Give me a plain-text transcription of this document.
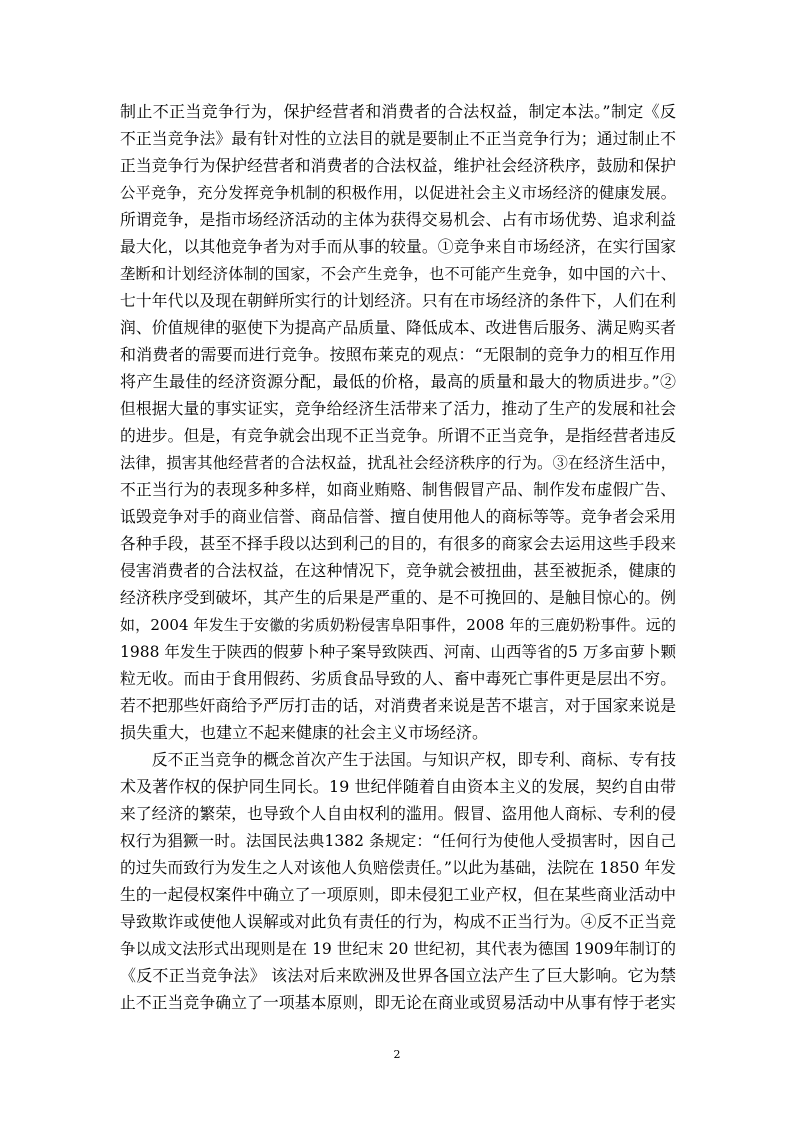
制止不正当竞争行为，保护经营者和消费者的合法权益，制定本法。”制定《反
不正当竞争法》最有针对性的立法目的就是要制止不正当竞争行为；通过制止不
正当竞争行为保护经营者和消费者的合法权益，维护社会经济秩序，鼓励和保护
公平竞争，充分发挥竞争机制的积极作用，以促进社会主义市场经济的健康发展。
所谓竞争，是指市场经济活动的主体为获得交易机会、占有市场优势、追求利益
最大化，以其他竞争者为对手而从事的较量。①竞争来自市场经济，在实行国家
垄断和计划经济体制的国家，不会产生竞争，也不可能产生竞争，如中国的六十、
七十年代以及现在朝鲜所实行的计划经济。只有在市场经济的条件下，人们在利
润、价值规律的驱使下为提高产品质量、降低成本、改进售后服务、满足购买者
和消费者的需要而进行竞争。按照布莱克的观点：“无限制的竞争力的相互作用
将产生最佳的经济资源分配，最低的价格，最高的质量和最大的物质进步。”②
但根据大量的事实证实，竞争给经济生活带来了活力，推动了生产的发展和社会
的进步。但是，有竞争就会出现不正当竞争。所谓不正当竞争，是指经营者违反
法律，损害其他经营者的合法权益，扰乱社会经济秩序的行为。③在经济生活中，
不正当行为的表现多种多样，如商业贿赂、制售假冒产品、制作发布虚假广告、
诋毁竞争对手的商业信誉、商品信誉、擅自使用他人的商标等等。竞争者会采用
各种手段，甚至不择手段以达到利己的目的，有很多的商家会去运用这些手段来
侵害消费者的合法权益，在这种情况下，竞争就会被扭曲，甚至被扼杀，健康的
经济秩序受到破坏，其产生的后果是严重的、是不可挽回的、是触目惊心的。例
如，2004 年发生于安徽的劣质奶粉侵害阜阳事件，2008 年的三鹿奶粉事件。远的
1988 年发生于陕西的假萝卜种子案导致陕西、河南、山西等省的5 万多亩萝卜颗
粒无收。而由于食用假药、劣质食品导致的人、畜中毒死亡事件更是层出不穷。
若不把那些奸商给予严厉打击的话，对消费者来说是苦不堪言，对于国家来说是
损失重大，也建立不起来健康的社会主义市场经济。
　　反不正当竞争的概念首次产生于法国。与知识产权，即专利、商标、专有技
术及著作权的保护同生同长。19 世纪伴随着自由资本主义的发展，契约自由带
来了经济的繁荣，也导致个人自由权利的滥用。假冒、盗用他人商标、专利的侵
权行为猖獗一时。法国民法典1382 条规定：“任何行为使他人受损害时，因自己
的过失而致行为发生之人对该他人负赔偿责任。”以此为基础，法院在 1850 年发
生的一起侵权案件中确立了一项原则，即未侵犯工业产权，但在某些商业活动中
导致欺诈或使他人误解或对此负有责任的行为，构成不正当行为。④反不正当竞
争以成文法形式出现则是在 19 世纪末 20 世纪初，其代表为德国 1909年制订的
《反不正当竞争法》 该法对后来欧洲及世界各国立法产生了巨大影响。它为禁
止不正当竞争确立了一项基本原则，即无论在商业或贸易活动中从事有悖于老实
2
